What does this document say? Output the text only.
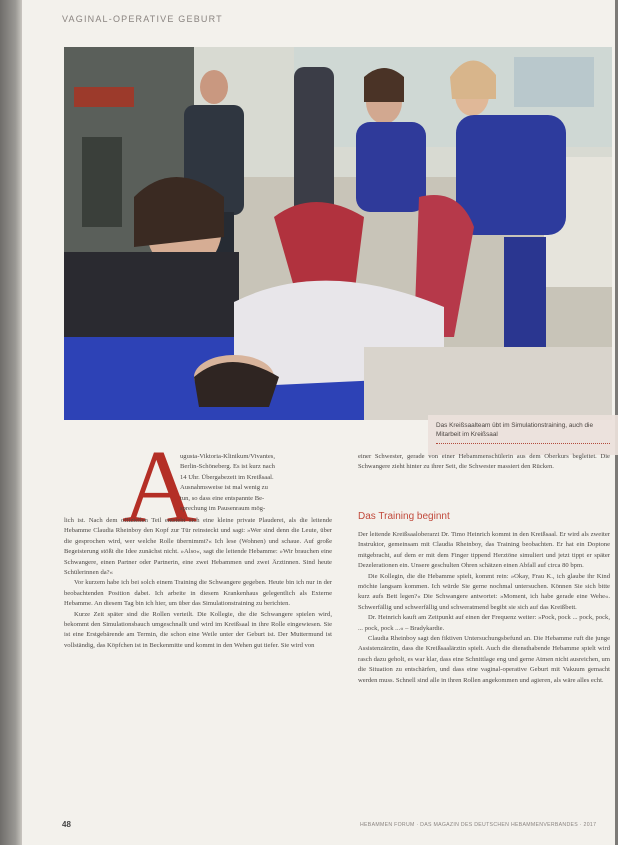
VAGINAL-OPERATIVE GEBURT
Das Kreißsaalteam übt im Simulationstraining, auch die Mitarbeit im Kreißsaal
A
ugusta-Viktoria-Klinikum/Vivantes,
Berlin-Schöneberg. Es ist kurz nach
14 Uhr. Übergabezeit im Kreißsaal.
Ausnahmsweise ist mal wenig zu
tun, so dass eine entspannte Be-
sprechung im Pausenraum mög-

lich ist. Nach dem offiziellen Teil entsteht sich eine kleine private Plauderei, als die leitende Hebamme Claudia Rheinboy den Kopf zur Tür reinsteckt und sagt: »Wer sind denn die Leute, über die gesprochen wird, wer welche Rolle übernimmt?« Ich lese (Wohnen) und schaue. Auf große Begeisterung stößt die Idee zunächst nicht. »Also«, sagt die leitende Hebamme: »Wir brauchen eine Schwangere, einen Partner oder Partnerin, eine zwei Hebammen und zwei Ärztinnen. Sind heute Schülerinnen da?«

Vor kurzem habe ich bei solch einem Training die Schwangere gegeben. Heute bin ich nur in der beobachtenden Position dabei. Ich arbeite in diesem Krankenhaus gelegentlich als Externe Hebamme. An diesem Tag bin ich hier, um über das Simulationstraining zu berichten.

Kurze Zeit später sind die Rollen verteilt. Die Kollegie, die die Schwangere spielen wird, bekommt den Simulationsbauch umgeschnallt und wird im Kreißsaal in ihre Rolle eingewiesen. Sie ist eine Erstgebärende am Termin, die schon eine Weile unter der Geburt ist. Der Muttermund ist vollständig, das Köpfchen ist in Beckenmitte und kommt in den Wehen gut tiefer. Sie wird von

einer Schwester, gerade von einer Hebammenschülerin aus dem Oberkurs begleitet. Die Schwangere zieht hinter zu ihrer Seit, die Schwester massiert den Rücken.

Das Training beginnt

Der leitende Kreißsaaloberarzt Dr. Timo Heinrich kommt in den Kreißsaal. Er wird als zweiter Instruktor, gemeinsam mit Claudia Rheinboy, das Training beobachten. Er hat ein Doptone mitgebracht, auf dem er mit dem Finger tippend Herztöne simuliert und jetzt tippt er später Dezelerationen ein. Unsere geschulten Ohren schätzen einen Abfall auf circa 80 bpm.

Die Kollegin, die die Hebamme spielt, kommt rein: »Okay, Frau K., ich glaube ihr Kind möchte langsam kommen. Ich würde Sie gerne nochmal untersuchen. Können Sie sich bitte kurz aufs Bett legen?« Die Schwangere antwortet: »Moment, ich habe gerade eine Wehe«. Schwerfällig und schwerfällig und schweratmend begibt sie sich auf das Kreißbett.

Dr. Heinrich kauft am Zeitpunkt auf einen der Frequenz weiter: »Pock, pock ... pock, pock, ... pock, pock ...« – Bradykardie.

Claudia Rheinboy sagt den fiktiven Untersuchungsbefund an. Die Hebamme ruft die junge Assistenzärztin, dass die Kreißsaalärztin spielt. Auch die diensthabende Hebamme spielt wird rasch dazu geholt, es war klar, dass eine Schnittlage eng und gerne Atmen nicht ausreichen, um die Situation zu entschärfen, und dass eine vaginal-operative Geburt mit Vakuum gemacht werden muss. Schnell sind alle in ihren Rollen angekommen und agieren, als wäre alles echt.

48	HEBAMMEN FORUM · DAS MAGAZIN DES DEUTSCHEN HEBAMMENVERBANDES · 2017
